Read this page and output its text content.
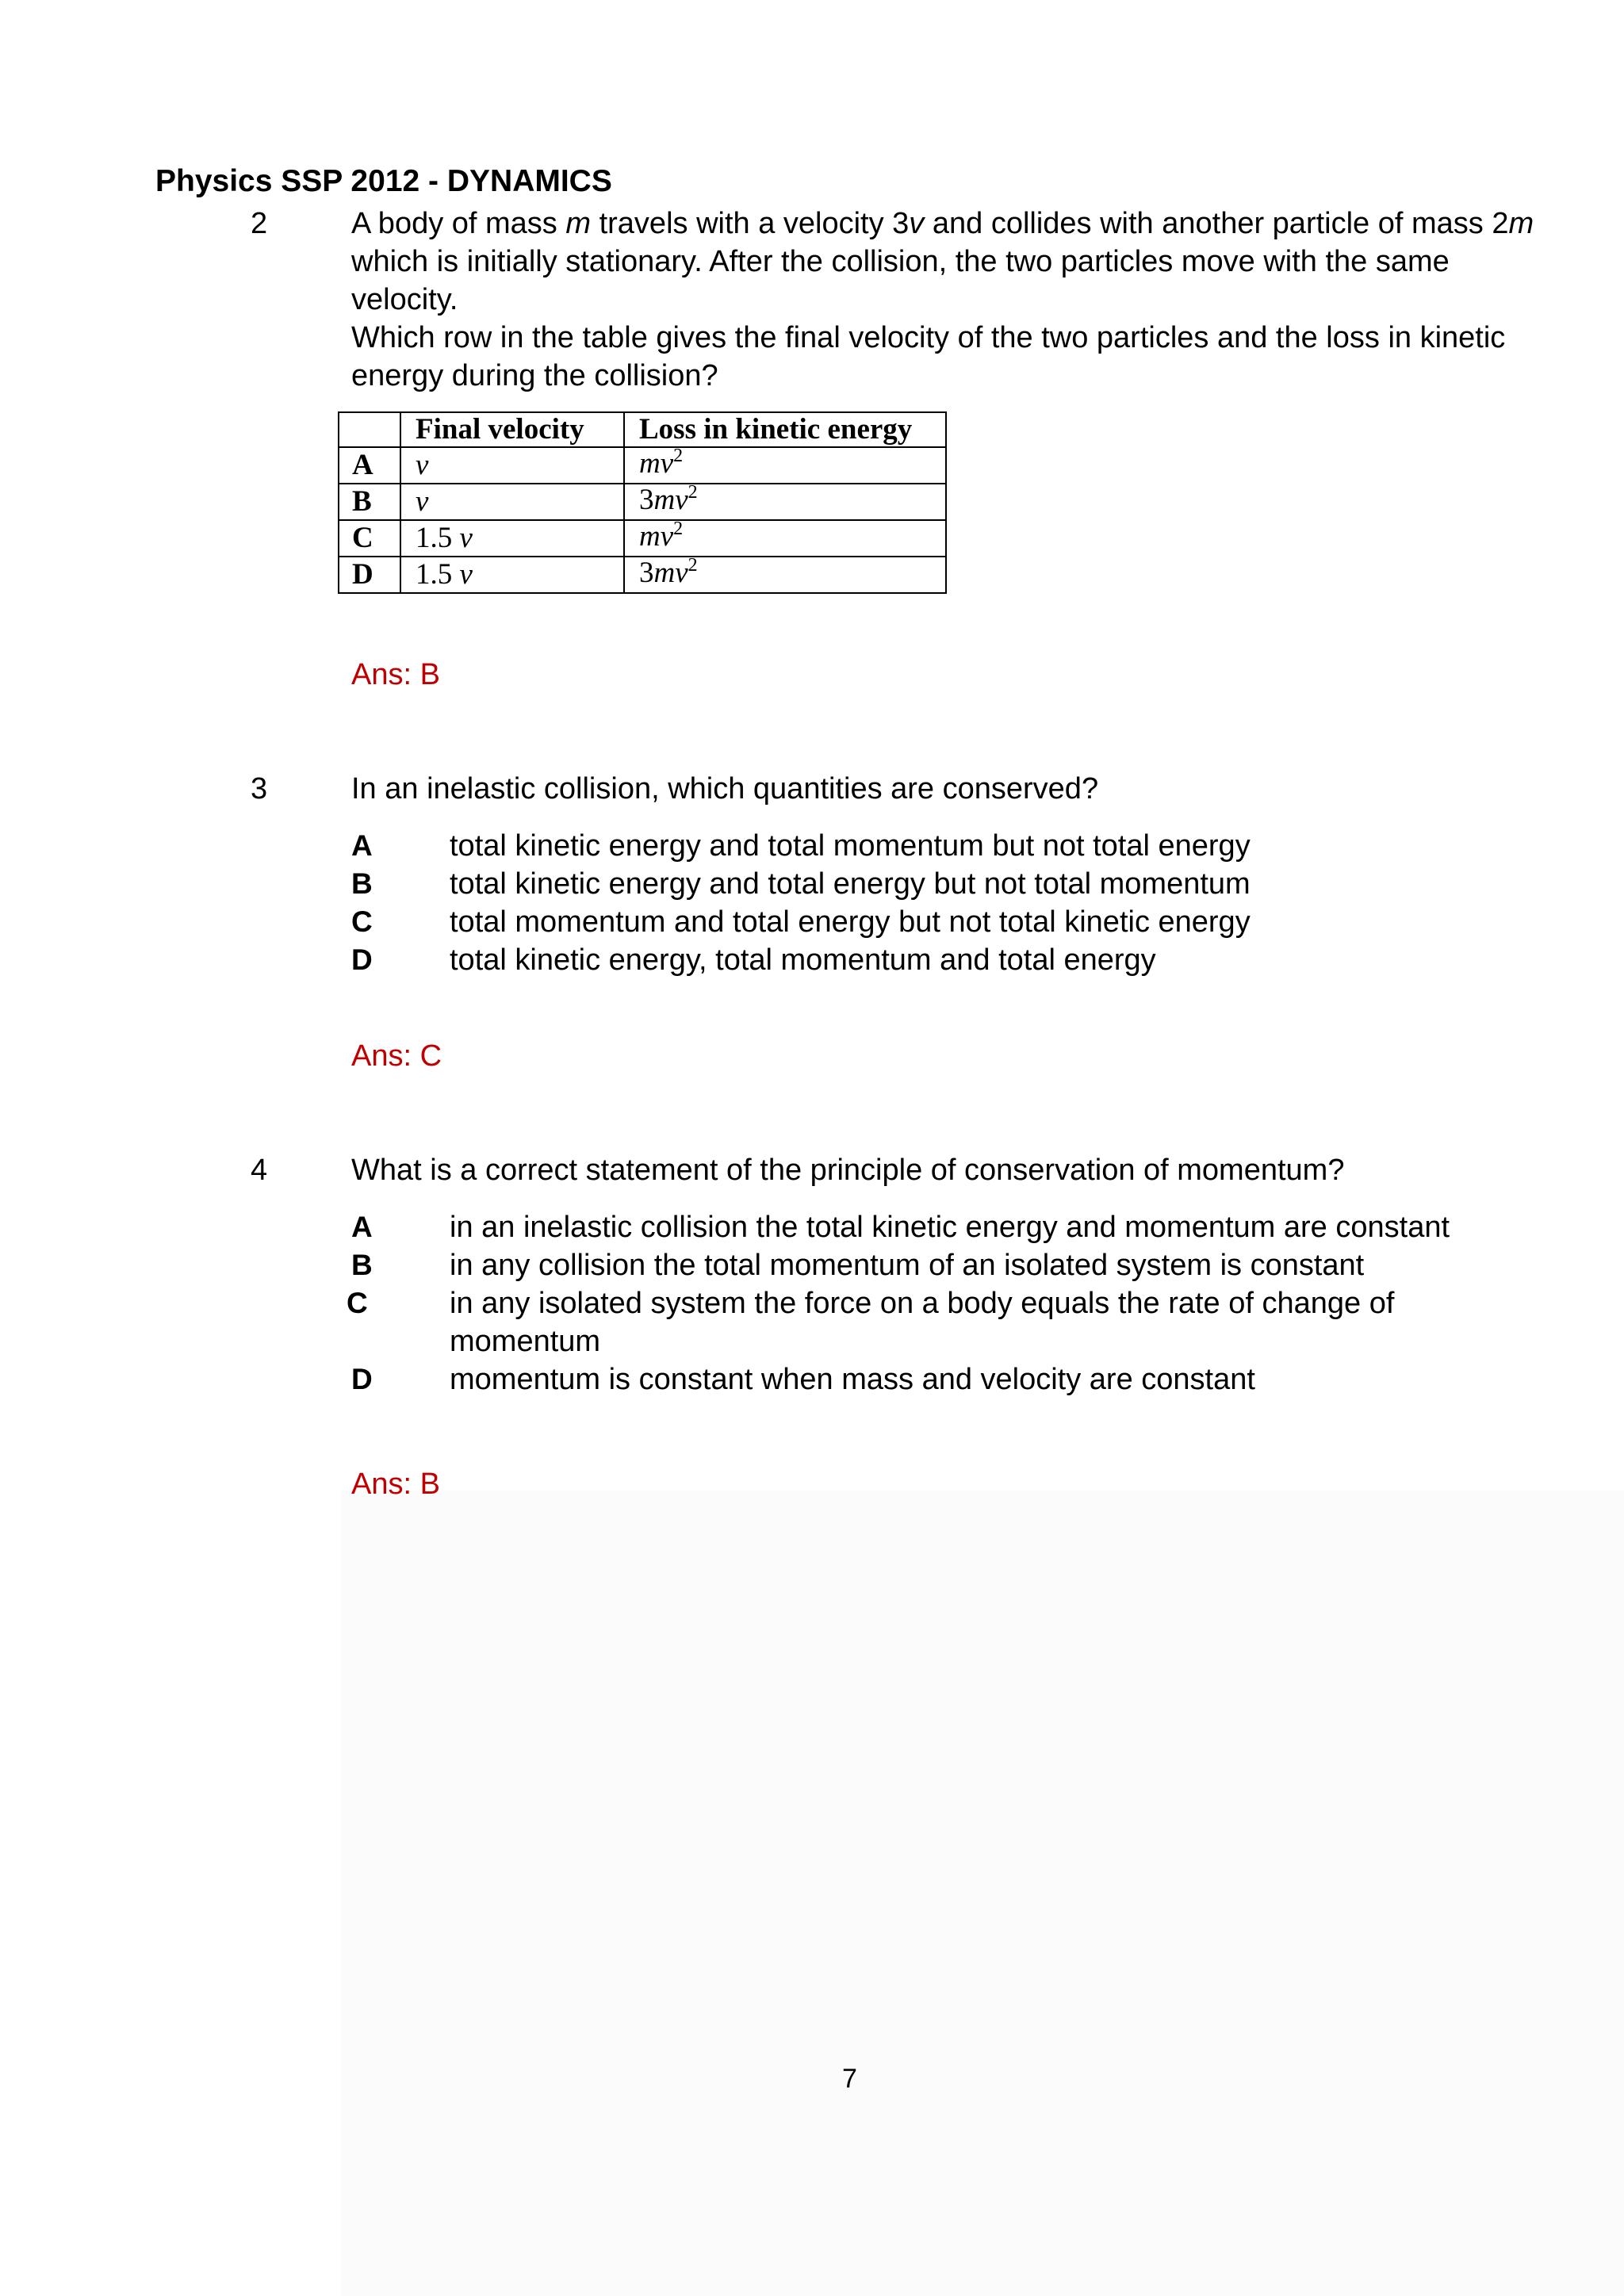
Physics SSP 2012 - DYNAMICS
2	A body of mass m travels with a velocity 3v and collides with another particle of mass 2m
which is initially stationary. After the collision, the two particles move with the same
velocity.
Which row in the table gives the final velocity of the two particles and the loss in kinetic
energy during the collision?
	Final velocity	Loss in kinetic energy
A	v	$mv^2$
B	v	$3mv^2$
C	1.5 v	$mv^2$
D	1.5 v	$3mv^2$
Ans: B
3	In an inelastic collision, which quantities are conserved?
A	total kinetic energy and total momentum but not total energy
B	total kinetic energy and total energy but not total momentum
C	total momentum and total energy but not total kinetic energy
D	total kinetic energy, total momentum and total energy
Ans: C
4	What is a correct statement of the principle of conservation of momentum?
A	in an inelastic collision the total kinetic energy and momentum are constant
B	in any collision the total momentum of an isolated system is constant
C	in any isolated system the force on a body equals the rate of change of
momentum
D	momentum is constant when mass and velocity are constant
Ans: B
7
